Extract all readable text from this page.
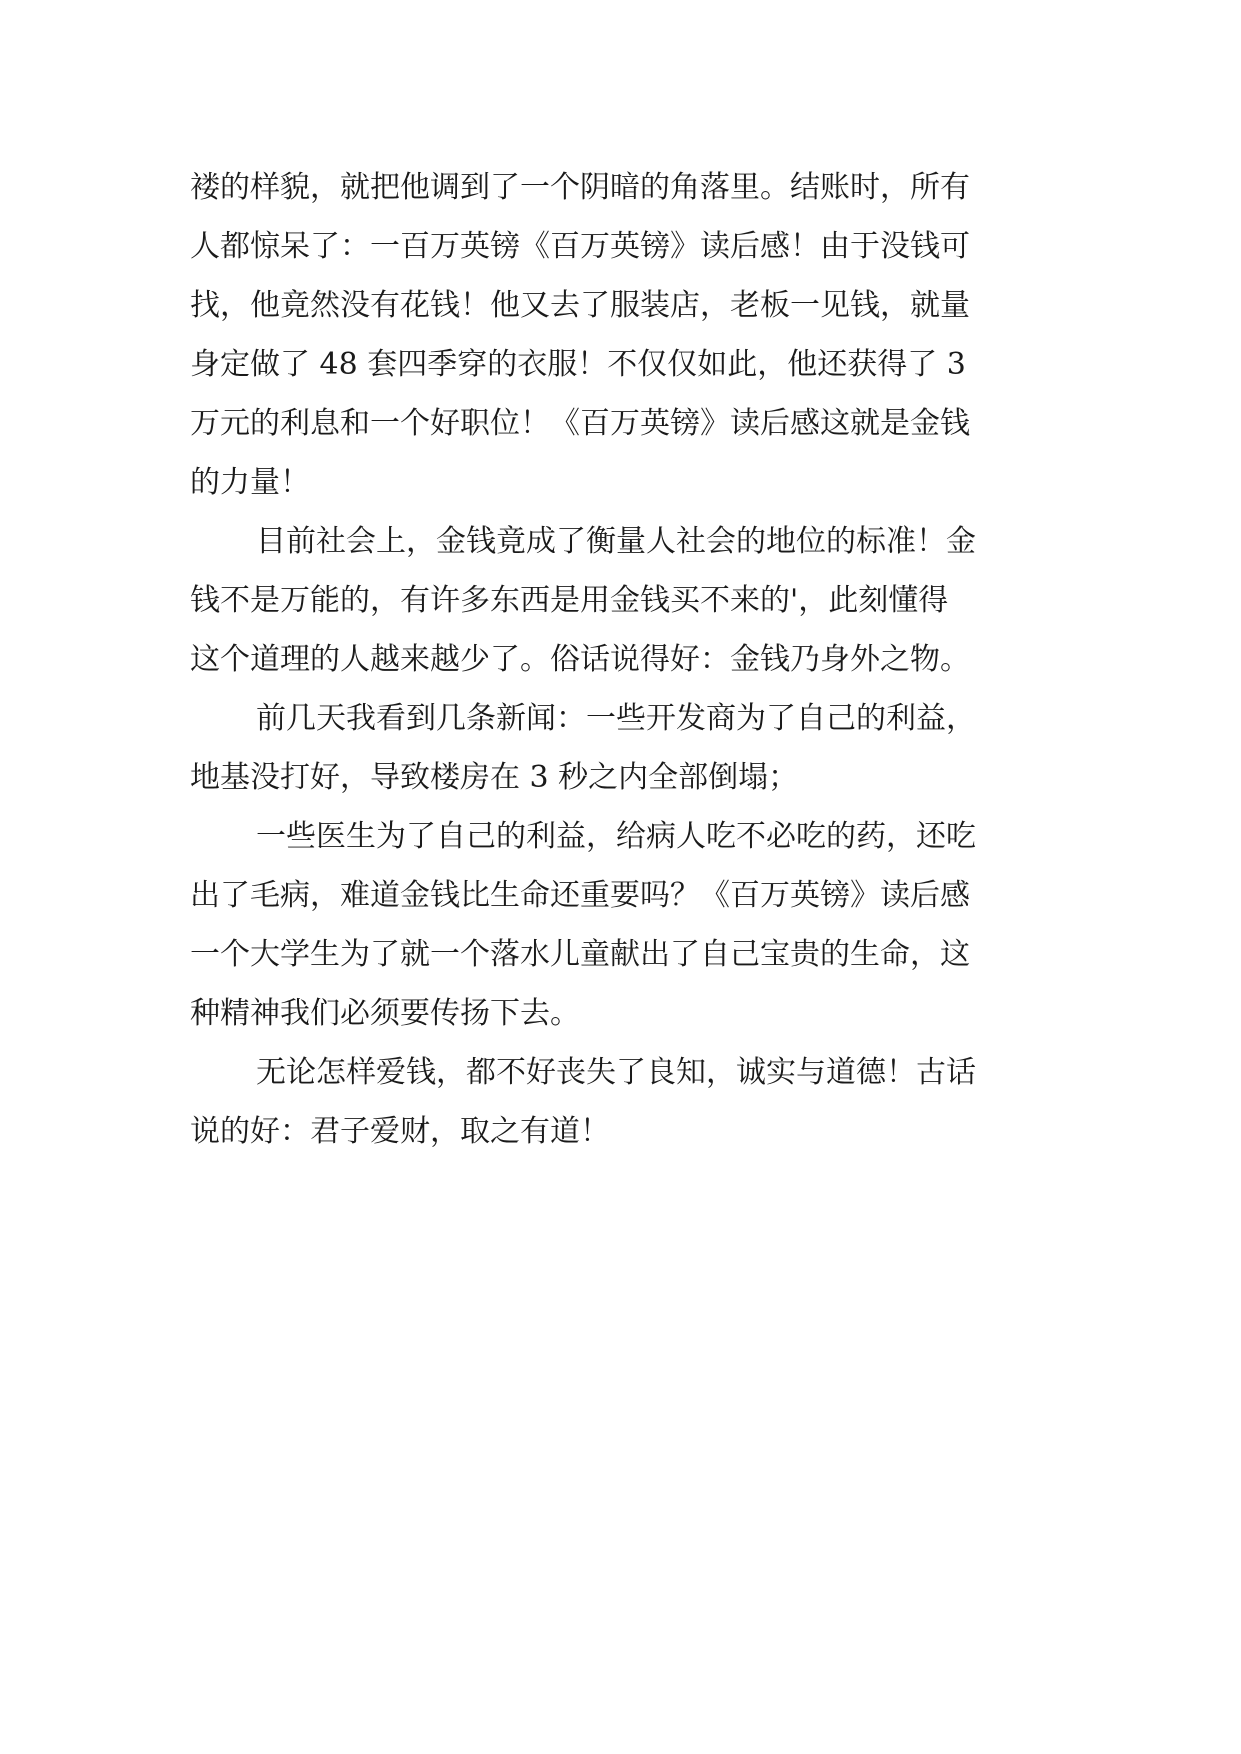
褛的样貌，就把他调到了一个阴暗的角落里。结账时，所有
人都惊呆了：一百万英镑《百万英镑》读后感！由于没钱可
找，他竟然没有花钱！他又去了服装店，老板一见钱，就量
身定做了 48 套四季穿的衣服！不仅仅如此，他还获得了 3
万元的利息和一个好职位！《百万英镑》读后感这就是金钱
的力量！
目前社会上，金钱竟成了衡量人社会的地位的标准！金
钱不是万能的，有许多东西是用金钱买不来的'，此刻懂得
这个道理的人越来越少了。俗话说得好：金钱乃身外之物。
前几天我看到几条新闻：一些开发商为了自己的利益，
地基没打好，导致楼房在 3 秒之内全部倒塌；
一些医生为了自己的利益，给病人吃不必吃的药，还吃
出了毛病，难道金钱比生命还重要吗？《百万英镑》读后感
一个大学生为了就一个落水儿童献出了自己宝贵的生命，这
种精神我们必须要传扬下去。
无论怎样爱钱，都不好丧失了良知，诚实与道德！古话
说的好：君子爱财，取之有道！
